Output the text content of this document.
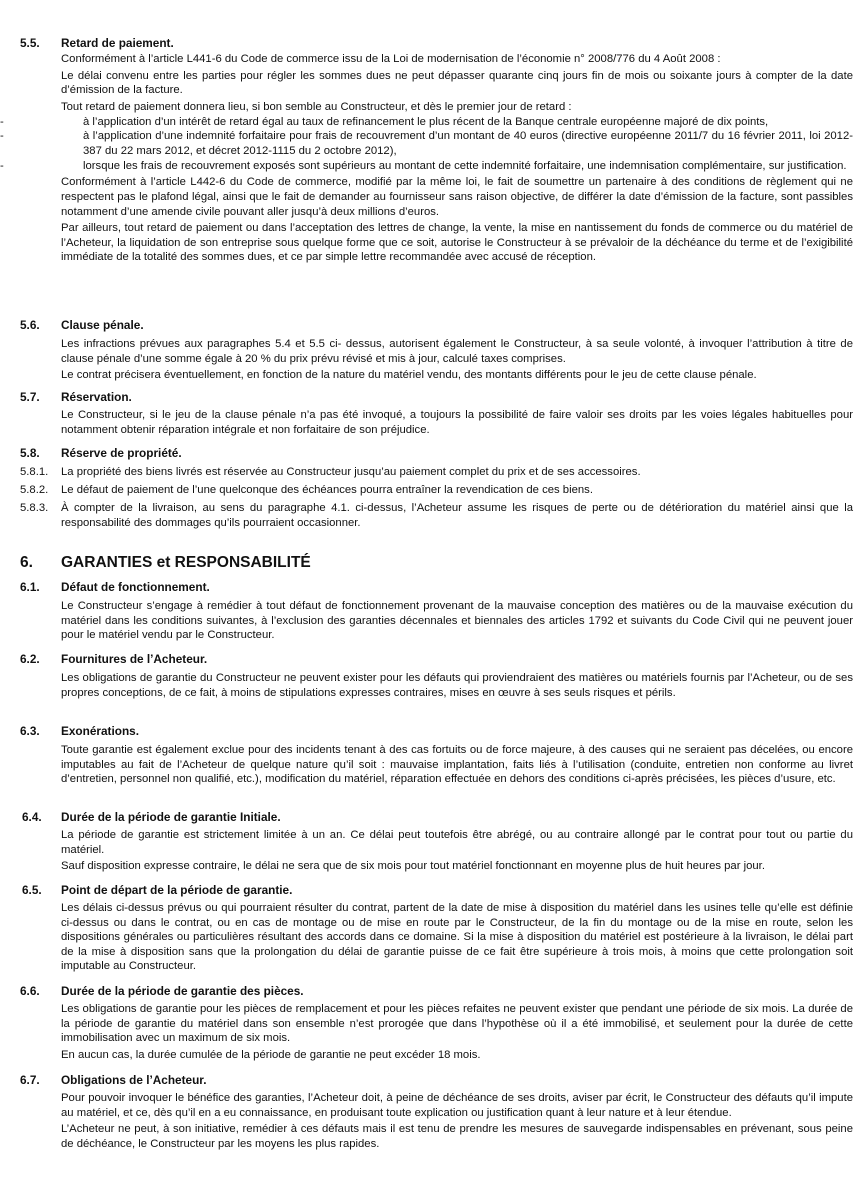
5.5. Retard de paiement.

Conformément à l’article L441-6 du Code de commerce issu de la Loi de modernisation de l’économie n° 2008/776 du 4 Août 2008 :

Le délai convenu entre les parties pour régler les sommes dues ne peut dépasser quarante cinq jours fin de mois ou soixante jours à compter de la date d’émission de la facture.

Tout retard de paiement donnera lieu, si bon semble au Constructeur, et dès le premier jour de retard :

-	à l’application d’un intérêt de retard égal au taux de refinancement le plus récent de la Banque centrale européenne majoré de dix points,
-	à l’application d’une indemnité forfaitaire pour frais de recouvrement d’un montant de 40 euros (directive européenne 2011/7 du 16 février 2011, loi 2012-387 du 22 mars 2012, et décret 2012-1115 du 2 octobre 2012),
-	lorsque les frais de recouvrement exposés sont supérieurs au montant de cette indemnité forfaitaire, une indemnisation complémentaire, sur justification.

Conformément à l’article L442-6 du Code de commerce, modifié par la même loi, le fait de soumettre un partenaire à des conditions de règlement qui ne respectent pas le plafond légal, ainsi que le fait de demander au fournisseur sans raison objective, de différer la date d’émission de la facture, sont passibles notamment d’une amende civile pouvant aller jusqu’à deux millions d’euros.

Par ailleurs, tout retard de paiement ou dans l’acceptation des lettres de change, la vente, la mise en nantissement du fonds de commerce ou du matériel de l’Acheteur, la liquidation de son entreprise sous quelque forme que ce soit, autorise le Constructeur à se prévaloir de la déchéance du terme et de l’exigibilité immédiate de la totalité des sommes dues, et ce par simple lettre recommandée avec accusé de réception.

5.6. Clause pénale.

Les infractions prévues aux paragraphes 5.4 et 5.5 ci- dessus, autorisent également le Constructeur, à sa seule volonté, à invoquer l’attribution à titre de clause pénale d’une somme égale à 20 % du prix prévu révisé et mis à jour, calculé taxes comprises.

Le contrat précisera éventuellement, en fonction de la nature du matériel vendu, des montants différents pour le jeu de cette clause pénale.

5.7. Réservation.

Le Constructeur, si le jeu de la clause pénale n’a pas été invoqué, a toujours la possibilité de faire valoir ses droits par les voies légales habituelles pour notamment obtenir réparation intégrale et non forfaitaire de son préjudice.

5.8. Réserve de propriété.
5.8.1. La propriété des biens livrés est réservée au Constructeur jusqu’au paiement complet du prix et de ses accessoires.
5.8.2. Le défaut de paiement de l’une quelconque des échéances pourra entraîner la revendication de ces biens.
5.8.3. À compter de la livraison, au sens du paragraphe 4.1. ci-dessus, l’Acheteur assume les risques de perte ou de détérioration du matériel ainsi que la responsabilité des dommages qu’ils pourraient occasionner.
6. GARANTIES et RESPONSABILITÉ
6.1. Défaut de fonctionnement.

Le Constructeur s’engage à remédier à tout défaut de fonctionnement provenant de la mauvaise conception des matières ou de la mauvaise exécution du matériel dans les conditions suivantes, à l’exclusion des garanties décennales et biennales des articles 1792 et suivants du Code Civil qui ne peuvent jouer pour le matériel vendu par le Constructeur.

6.2. Fournitures de l’Acheteur.

Les obligations de garantie du Constructeur ne peuvent exister pour les défauts qui proviendraient des matières ou matériels fournis par l’Acheteur, ou de ses propres conceptions, de ce fait, à moins de stipulations expresses contraires, mises en œuvre à ses seuls risques et périls.

6.3. Exonérations.

Toute garantie est également exclue pour des incidents tenant à des cas fortuits ou de force majeure, à des causes qui ne seraient pas décelées, ou encore imputables au fait de l’Acheteur de quelque nature qu’il soit : mauvaise implantation, faits liés à l’utilisation (conduite, entretien non conforme au livret d’entretien, personnel non qualifié, etc.), modification du matériel, réparation effectuée en dehors des conditions ci-après précisées, les pièces d’usure, etc.

6.4. Durée de la période de garantie Initiale.

La période de garantie est strictement limitée à un an. Ce délai peut toutefois être abrégé, ou au contraire allongé par le contrat pour tout ou partie du matériel.

Sauf disposition expresse contraire, le délai ne sera que de six mois pour tout matériel fonctionnant en moyenne plus de huit heures par jour.

6.5. Point de départ de la période de garantie.

Les délais ci-dessus prévus ou qui pourraient résulter du contrat, partent de la date de mise à disposition du matériel dans les usines telle qu’elle est définie ci-dessus ou dans le contrat, ou en cas de montage ou de mise en route par le Constructeur, de la fin du montage ou de la mise en route, selon les dispositions générales ou particulières résultant des accords dans ce domaine. Si la mise à disposition du matériel est postérieure à la livraison, le délai part de la mise à disposition sans que la prolongation du délai de garantie puisse de ce fait être supérieure à trois mois, à moins que cette prolongation soit imputable au Constructeur.

6.6. Durée de la période de garantie des pièces.

Les obligations de garantie pour les pièces de remplacement et pour les pièces refaites ne peuvent exister que pendant une période de six mois. La durée de la période de garantie du matériel dans son ensemble n’est prorogée que dans l’hypothèse où il a été immobilisé, et seulement pour la durée de cette immobilisation avec un maximum de six mois.

En aucun cas, la durée cumulée de la période de garantie ne peut excéder 18 mois.

6.7. Obligations de l’Acheteur.

Pour pouvoir invoquer le bénéfice des garanties, l’Acheteur doit, à peine de déchéance de ses droits, aviser par écrit, le Constructeur des défauts qu’il impute au matériel, et ce, dès qu’il en a eu connaissance, en produisant toute explication ou justification quant à leur nature et à leur étendue.

L’Acheteur ne peut, à son initiative, remédier à ces défauts mais il est tenu de prendre les mesures de sauvegarde indispensables en prévenant, sous peine de déchéance, le Constructeur par les moyens les plus rapides.
